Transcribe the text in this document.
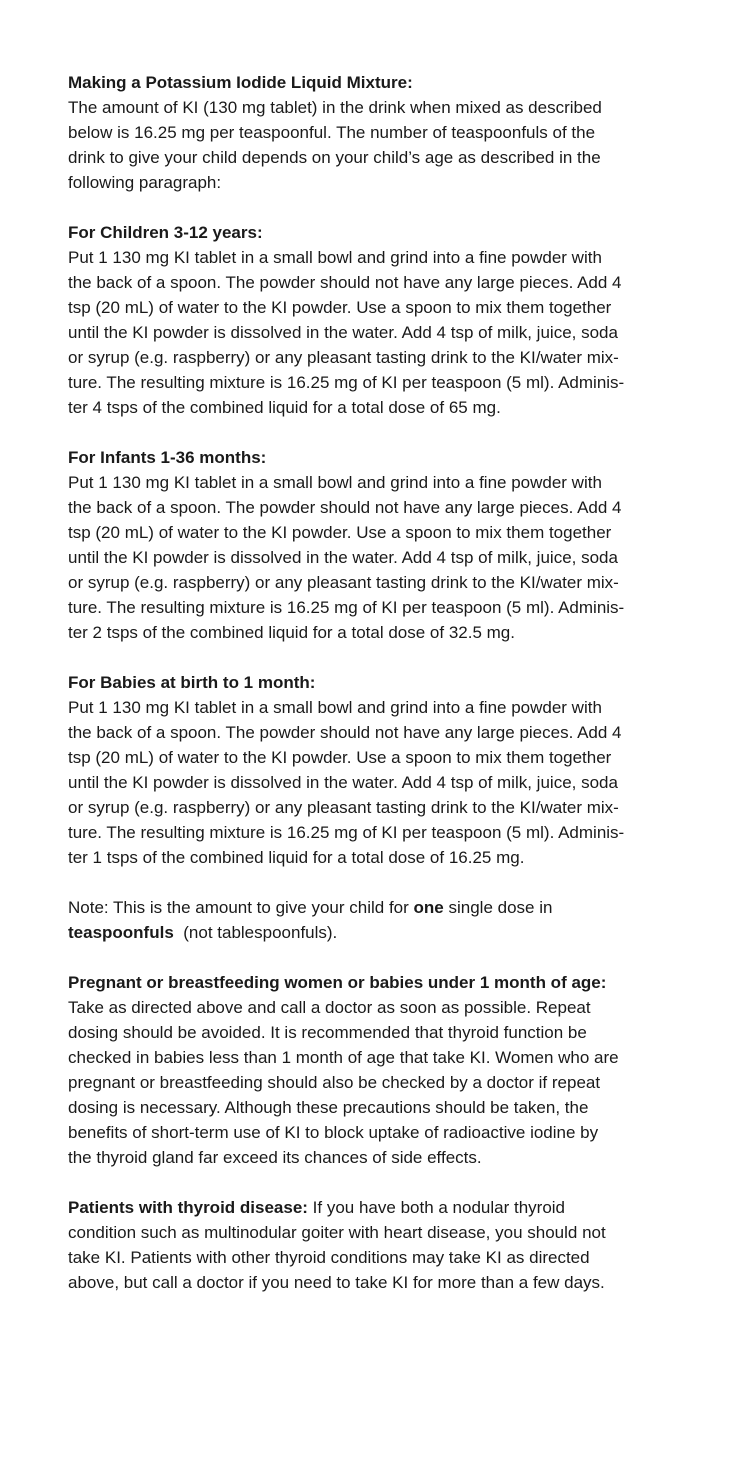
Making a Potassium Iodide Liquid Mixture:
The amount of KI (130 mg tablet) in the drink when mixed as described
below is 16.25 mg per teaspoonful. The number of teaspoonfuls of the
drink to give your child depends on your child’s age as described in the
following paragraph:
For Children 3-12 years:
Put 1 130 mg KI tablet in a small bowl and grind into a fine powder with
the back of a spoon. The powder should not have any large pieces. Add 4
tsp (20 mL) of water to the KI powder. Use a spoon to mix them together
until the KI powder is dissolved in the water. Add 4 tsp of milk, juice, soda
or syrup (e.g. raspberry) or any pleasant tasting drink to the KI/water mix-
ture. The resulting mixture is 16.25 mg of KI per teaspoon (5 ml). Adminis-
ter 4 tsps of the combined liquid for a total dose of 65 mg.
For Infants 1-36 months:
Put 1 130 mg KI tablet in a small bowl and grind into a fine powder with
the back of a spoon. The powder should not have any large pieces. Add 4
tsp (20 mL) of water to the KI powder. Use a spoon to mix them together
until the KI powder is dissolved in the water. Add 4 tsp of milk, juice, soda
or syrup (e.g. raspberry) or any pleasant tasting drink to the KI/water mix-
ture. The resulting mixture is 16.25 mg of KI per teaspoon (5 ml). Adminis-
ter 2 tsps of the combined liquid for a total dose of 32.5 mg.
For Babies at birth to 1 month:
Put 1 130 mg KI tablet in a small bowl and grind into a fine powder with
the back of a spoon. The powder should not have any large pieces. Add 4
tsp (20 mL) of water to the KI powder. Use a spoon to mix them together
until the KI powder is dissolved in the water. Add 4 tsp of milk, juice, soda
or syrup (e.g. raspberry) or any pleasant tasting drink to the KI/water mix-
ture. The resulting mixture is 16.25 mg of KI per teaspoon (5 ml). Adminis-
ter 1 tsps of the combined liquid for a total dose of 16.25 mg.
Note: This is the amount to give your child for one single dose in
teaspoonfuls  (not tablespoonfuls).
Pregnant or breastfeeding women or babies under 1 month of age:
Take as directed above and call a doctor as soon as possible. Repeat
dosing should be avoided. It is recommended that thyroid function be
checked in babies less than 1 month of age that take KI. Women who are
pregnant or breastfeeding should also be checked by a doctor if repeat
dosing is necessary. Although these precautions should be taken, the
benefits of short-term use of KI to block uptake of radioactive iodine by
the thyroid gland far exceed its chances of side effects.
Patients with thyroid disease: If you have both a nodular thyroid
condition such as multinodular goiter with heart disease, you should not
take KI. Patients with other thyroid conditions may take KI as directed
above, but call a doctor if you need to take KI for more than a few days.
